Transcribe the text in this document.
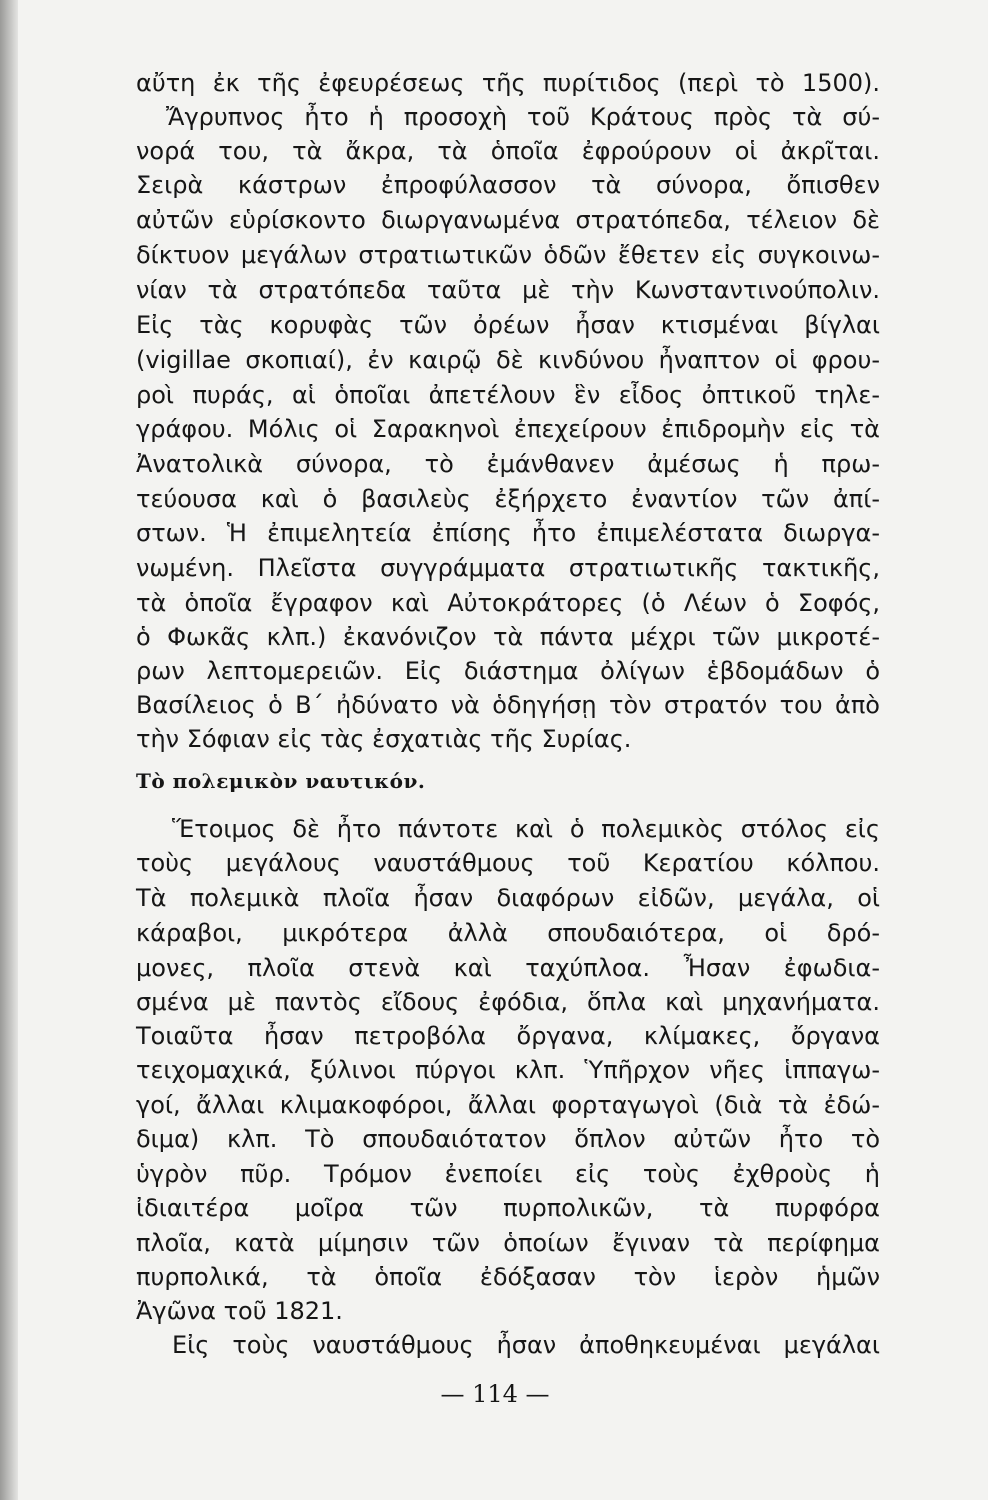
αὔτη ἐκ τῆς ἐφευρέσεως τῆς πυρίτιδος (περὶ τὸ 1500).
Ἄγρυπνος ἦτο ἡ προσοχὴ τοῦ Κράτους πρὸς τὰ σύ-
νορά του, τὰ ἄκρα, τὰ ὁποῖα ἐφρούρουν οἱ ἀκρῖται.
Σειρὰ κάστρων ἐπροφύλασσον τὰ σύνορα, ὄπισθεν
αὐτῶν εὑρίσκοντο διωργανωμένα στρατόπεδα, τέλειον δὲ
δίκτυον μεγάλων στρατιωτικῶν ὁδῶν ἔθετεν εἰς συγκοινω-
νίαν τὰ στρατόπεδα ταῦτα μὲ τὴν Κωνσταντινούπολιν.
Εἰς τὰς κορυφὰς τῶν ὀρέων ἦσαν κτισμέναι βίγλαι
(vigillae σκοπιαί), ἐν καιρῷ δὲ κινδύνου ἦναπτον οἱ φρου-
ροὶ πυράς, αἱ ὁποῖαι ἀπετέλουν ἓν εἶδος ὀπτικοῦ τηλε-
γράφου. Μόλις οἱ Σαρακηνοὶ ἐπεχείρουν ἐπιδρομὴν εἰς τὰ
Ἀνατολικὰ σύνορα, τὸ ἐμάνθανεν ἀμέσως ἡ πρω-
τεύουσα καὶ ὁ βασιλεὺς ἐξήρχετο ἐναντίον τῶν ἀπί-
στων. Ἡ ἐπιμελητεία ἐπίσης ἦτο ἐπιμελέστατα διωργα-
νωμένη. Πλεῖστα συγγράμματα στρατιωτικῆς τακτικῆς,
τὰ ὁποῖα ἔγραφον καὶ Αὐτοκράτορες (ὁ Λέων ὁ Σοφός,
ὁ Φωκᾶς κλπ.) ἐκανόνιζον τὰ πάντα μέχρι τῶν μικροτέ-
ρων λεπτομερειῶν. Εἰς διάστημα ὀλίγων ἑβδομάδων ὁ
Βασίλειος ὁ Β΄ ἠδύνατο νὰ ὁδηγήσῃ τὸν στρατόν του ἀπὸ
τὴν Σόφιαν εἰς τὰς ἐσχατιὰς τῆς Συρίας.
Τὸ πολεμικὸν ναυτικόν.
Ἕτοιμος δὲ ἦτο πάντοτε καὶ ὁ πολεμικὸς στόλος εἰς
τοὺς μεγάλους ναυστάθμους τοῦ Κερατίου κόλπου.
Τὰ πολεμικὰ πλοῖα ἦσαν διαφόρων εἰδῶν, μεγάλα, οἱ
κάραβοι, μικρότερα ἀλλὰ σπουδαιότερα, οἱ δρό-
μονες, πλοῖα στενὰ καὶ ταχύπλοα. Ἦσαν ἐφωδια-
σμένα μὲ παντὸς εἴδους ἐφόδια, ὅπλα καὶ μηχανήματα.
Τοιαῦτα ἦσαν πετροβόλα ὄργανα, κλίμακες, ὄργανα
τειχομαχικά, ξύλινοι πύργοι κλπ. Ὑπῆρχον νῆες ἱππαγω-
γοί, ἄλλαι κλιμακοφόροι, ἄλλαι φορταγωγοὶ (διὰ τὰ ἐδώ-
διμα) κλπ. Τὸ σπουδαιότατον ὅπλον αὐτῶν ἦτο τὸ
ὑγρὸν πῦρ. Τρόμον ἐνεποίει εἰς τοὺς ἐχθροὺς ἡ
ἰδιαιτέρα μοῖρα τῶν πυρπολικῶν, τὰ πυρφόρα
πλοῖα, κατὰ μίμησιν τῶν ὁποίων ἔγιναν τὰ περίφημα
πυρπολικά, τὰ ὁποῖα ἐδόξασαν τὸν ἱερὸν ἡμῶν
Ἀγῶνα τοῦ 1821.
Εἰς τοὺς ναυστάθμους ἦσαν ἀποθηκευμέναι μεγάλαι
— 114 —
